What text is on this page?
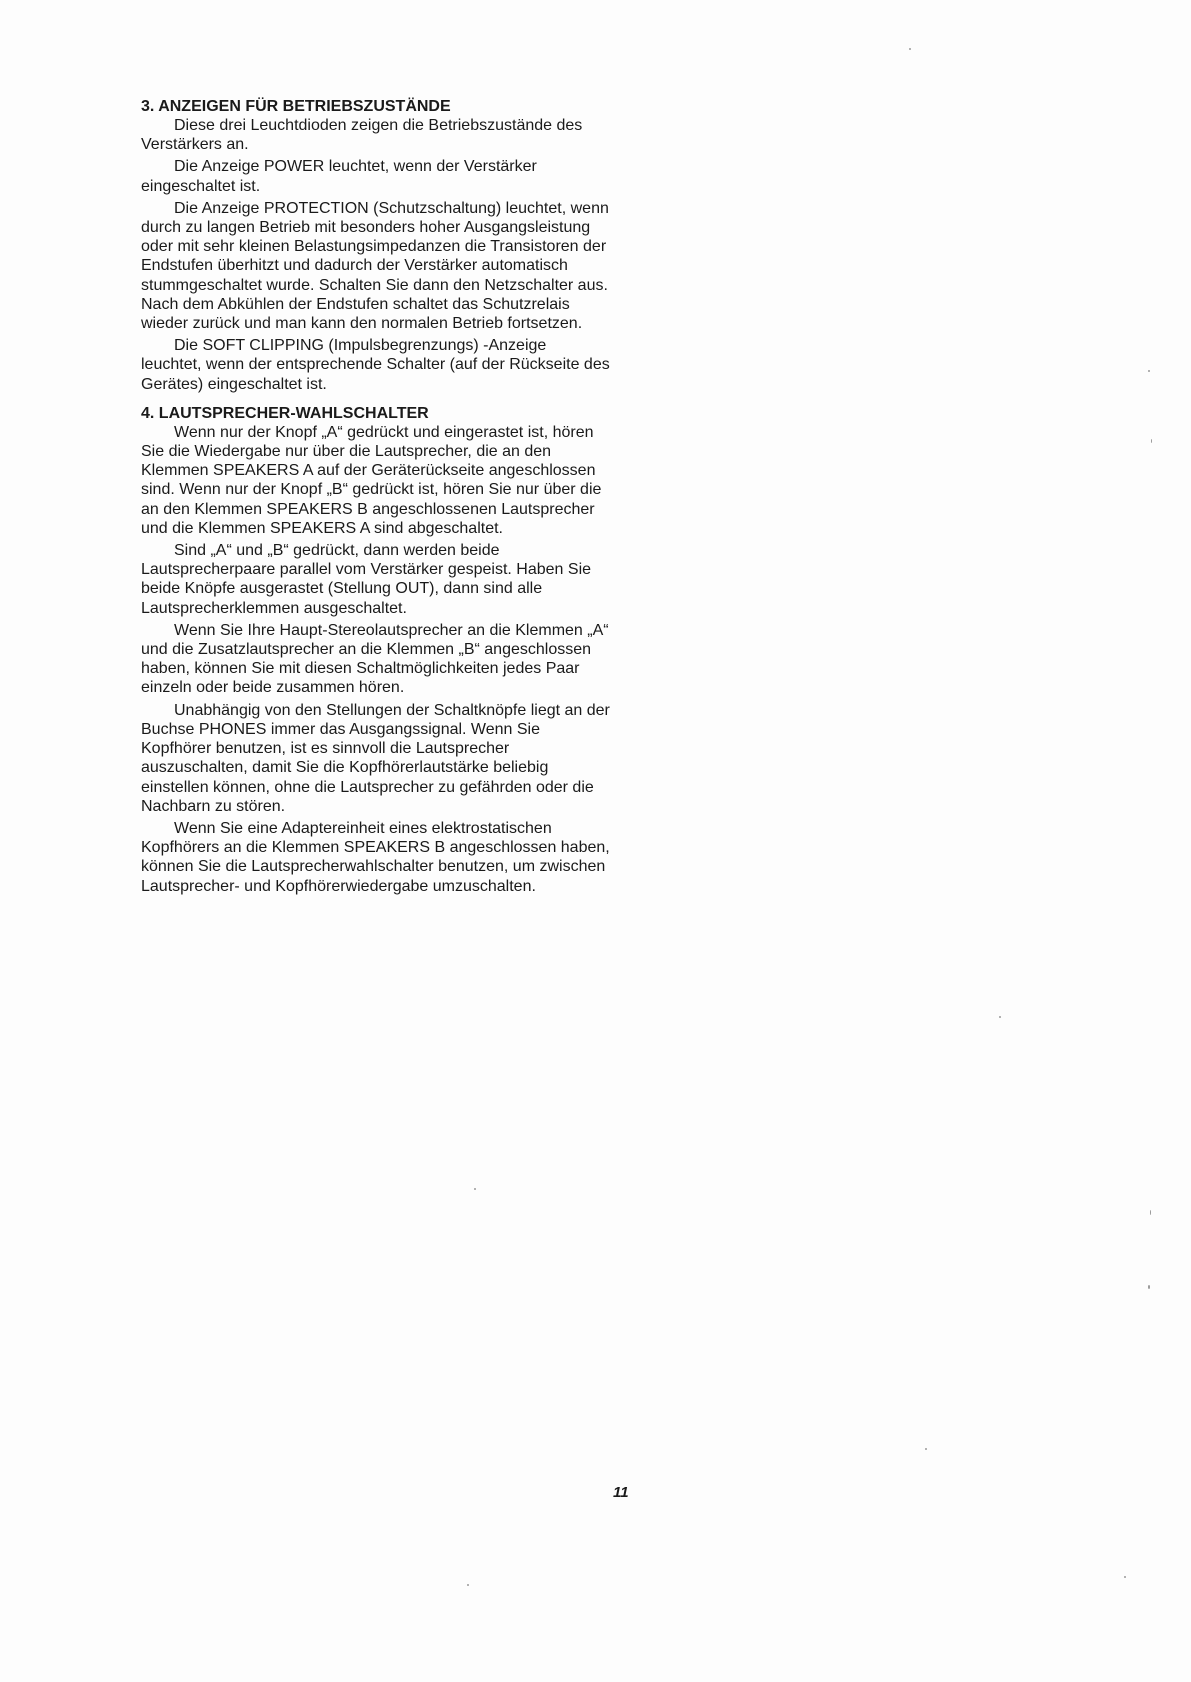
3. ANZEIGEN FÜR BETRIEBSZUSTÄNDE

Diese drei Leuchtdioden zeigen die Betriebszustände des Verstärkers an.

Die Anzeige POWER leuchtet, wenn der Verstärker eingeschaltet ist.

Die Anzeige PROTECTION (Schutzschaltung) leuchtet, wenn durch zu langen Betrieb mit besonders hoher Ausgangsleistung oder mit sehr kleinen Belastungsimpedanzen die Transistoren der Endstufen überhitzt und dadurch der Verstärker automatisch stummgeschaltet wurde. Schalten Sie dann den Netzschalter aus. Nach dem Abkühlen der Endstufen schaltet das Schutzrelais wieder zurück und man kann den normalen Betrieb fortsetzen.

Die SOFT CLIPPING (Impulsbegrenzungs) -Anzeige leuchtet, wenn der entsprechende Schalter (auf der Rückseite des Gerätes) eingeschaltet ist.

4. LAUTSPRECHER-WAHLSCHALTER

Wenn nur der Knopf „A“ gedrückt und eingerastet ist, hören Sie die Wiedergabe nur über die Lautsprecher, die an den Klemmen SPEAKERS A auf der Geräterückseite angeschlossen sind. Wenn nur der Knopf „B“ gedrückt ist, hören Sie nur über die an den Klemmen SPEAKERS B angeschlossenen Lautsprecher und die Klemmen SPEAKERS A sind abgeschaltet.

Sind „A“ und „B“ gedrückt, dann werden beide Lautsprecherpaare parallel vom Verstärker gespeist. Haben Sie beide Knöpfe ausgerastet (Stellung OUT), dann sind alle Lautsprecherklemmen ausgeschaltet.

Wenn Sie Ihre Haupt-Stereolautsprecher an die Klemmen „A“ und die Zusatzlautsprecher an die Klemmen „B“ angeschlossen haben, können Sie mit diesen Schaltmöglichkeiten jedes Paar einzeln oder beide zusammen hören.

Unabhängig von den Stellungen der Schaltknöpfe liegt an der Buchse PHONES immer das Ausgangssignal. Wenn Sie Kopfhörer benutzen, ist es sinnvoll die Lautsprecher auszuschalten, damit Sie die Kopfhörerlautstärke beliebig einstellen können, ohne die Lautsprecher zu gefährden oder die Nachbarn zu stören.

Wenn Sie eine Adaptereinheit eines elektrostatischen Kopfhörers an die Klemmen SPEAKERS B angeschlossen haben, können Sie die Lautsprecherwahlschalter benutzen, um zwischen Lautsprecher- und Kopfhörerwiedergabe umzuschalten.

11
